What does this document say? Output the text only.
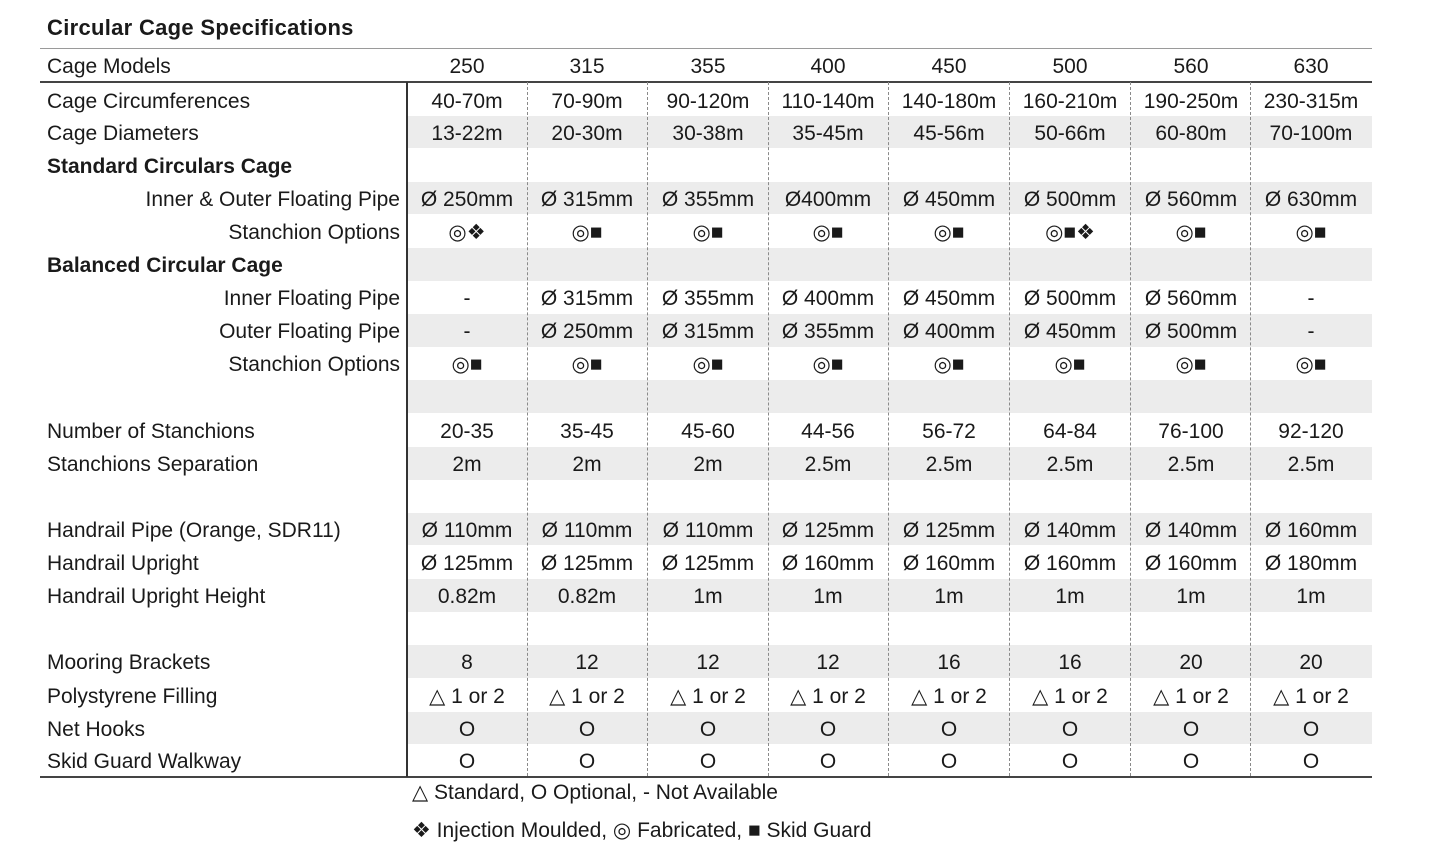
Circular Cage Specifications
Cage Models	250	315	355	400	450	500	560	630
Cage Circumferences	40-70m	70-90m	90-120m	110-140m	140-180m	160-210m	190-250m	230-315m
Cage Diameters	13-22m	20-30m	30-38m	35-45m	45-56m	50-66m	60-80m	70-100m
Standard Circulars Cage
Inner & Outer Floating Pipe Ø 250mm	Ø 315mm	Ø 355mm	Ø400mm	Ø 450mm	Ø 500mm	Ø 560mm	Ø 630mm
Stanchion Options	◎❖	◎■	◎■	◎■	◎■	◎■❖	◎■	◎■
Balanced Circular Cage
Inner Floating Pipe	-	Ø 315mm	Ø 355mm	Ø 400mm	Ø 450mm	Ø 500mm	Ø 560mm	-
Outer Floating Pipe	-	Ø 250mm	Ø 315mm	Ø 355mm	Ø 400mm	Ø 450mm	Ø 500mm	-
Stanchion Options	◎■	◎■	◎■	◎■	◎■	◎■	◎■	◎■
Number of Stanchions	20-35	35-45	45-60	44-56	56-72	64-84	76-100	92-120
Stanchions Separation	2m	2m	2m	2.5m	2.5m	2.5m	2.5m	2.5m
Handrail Pipe (Orange, SDR11)	Ø 110mm	Ø 110mm	Ø 110mm	Ø 125mm	Ø 125mm	Ø 140mm	Ø 140mm	Ø 160mm
Handrail Upright	Ø 125mm	Ø 125mm	Ø 125mm	Ø 160mm	Ø 160mm	Ø 160mm	Ø 160mm	Ø 180mm
Handrail Upright Height	0.82m	0.82m	1m	1m	1m	1m	1m	1m
Mooring Brackets	8	12	12	12	16	16	20	20
Polystyrene Filling	△ 1 or 2	△ 1 or 2	△ 1 or 2	△ 1 or 2	△ 1 or 2	△ 1 or 2	△ 1 or 2	△ 1 or 2
Net Hooks	O	O	O	O	O	O	O	O
Skid Guard Walkway	O	O	O	O	O	O	O	O
△ Standard, O Optional, - Not Available
❖ Injection Moulded, ◎ Fabricated, ■ Skid Guard
